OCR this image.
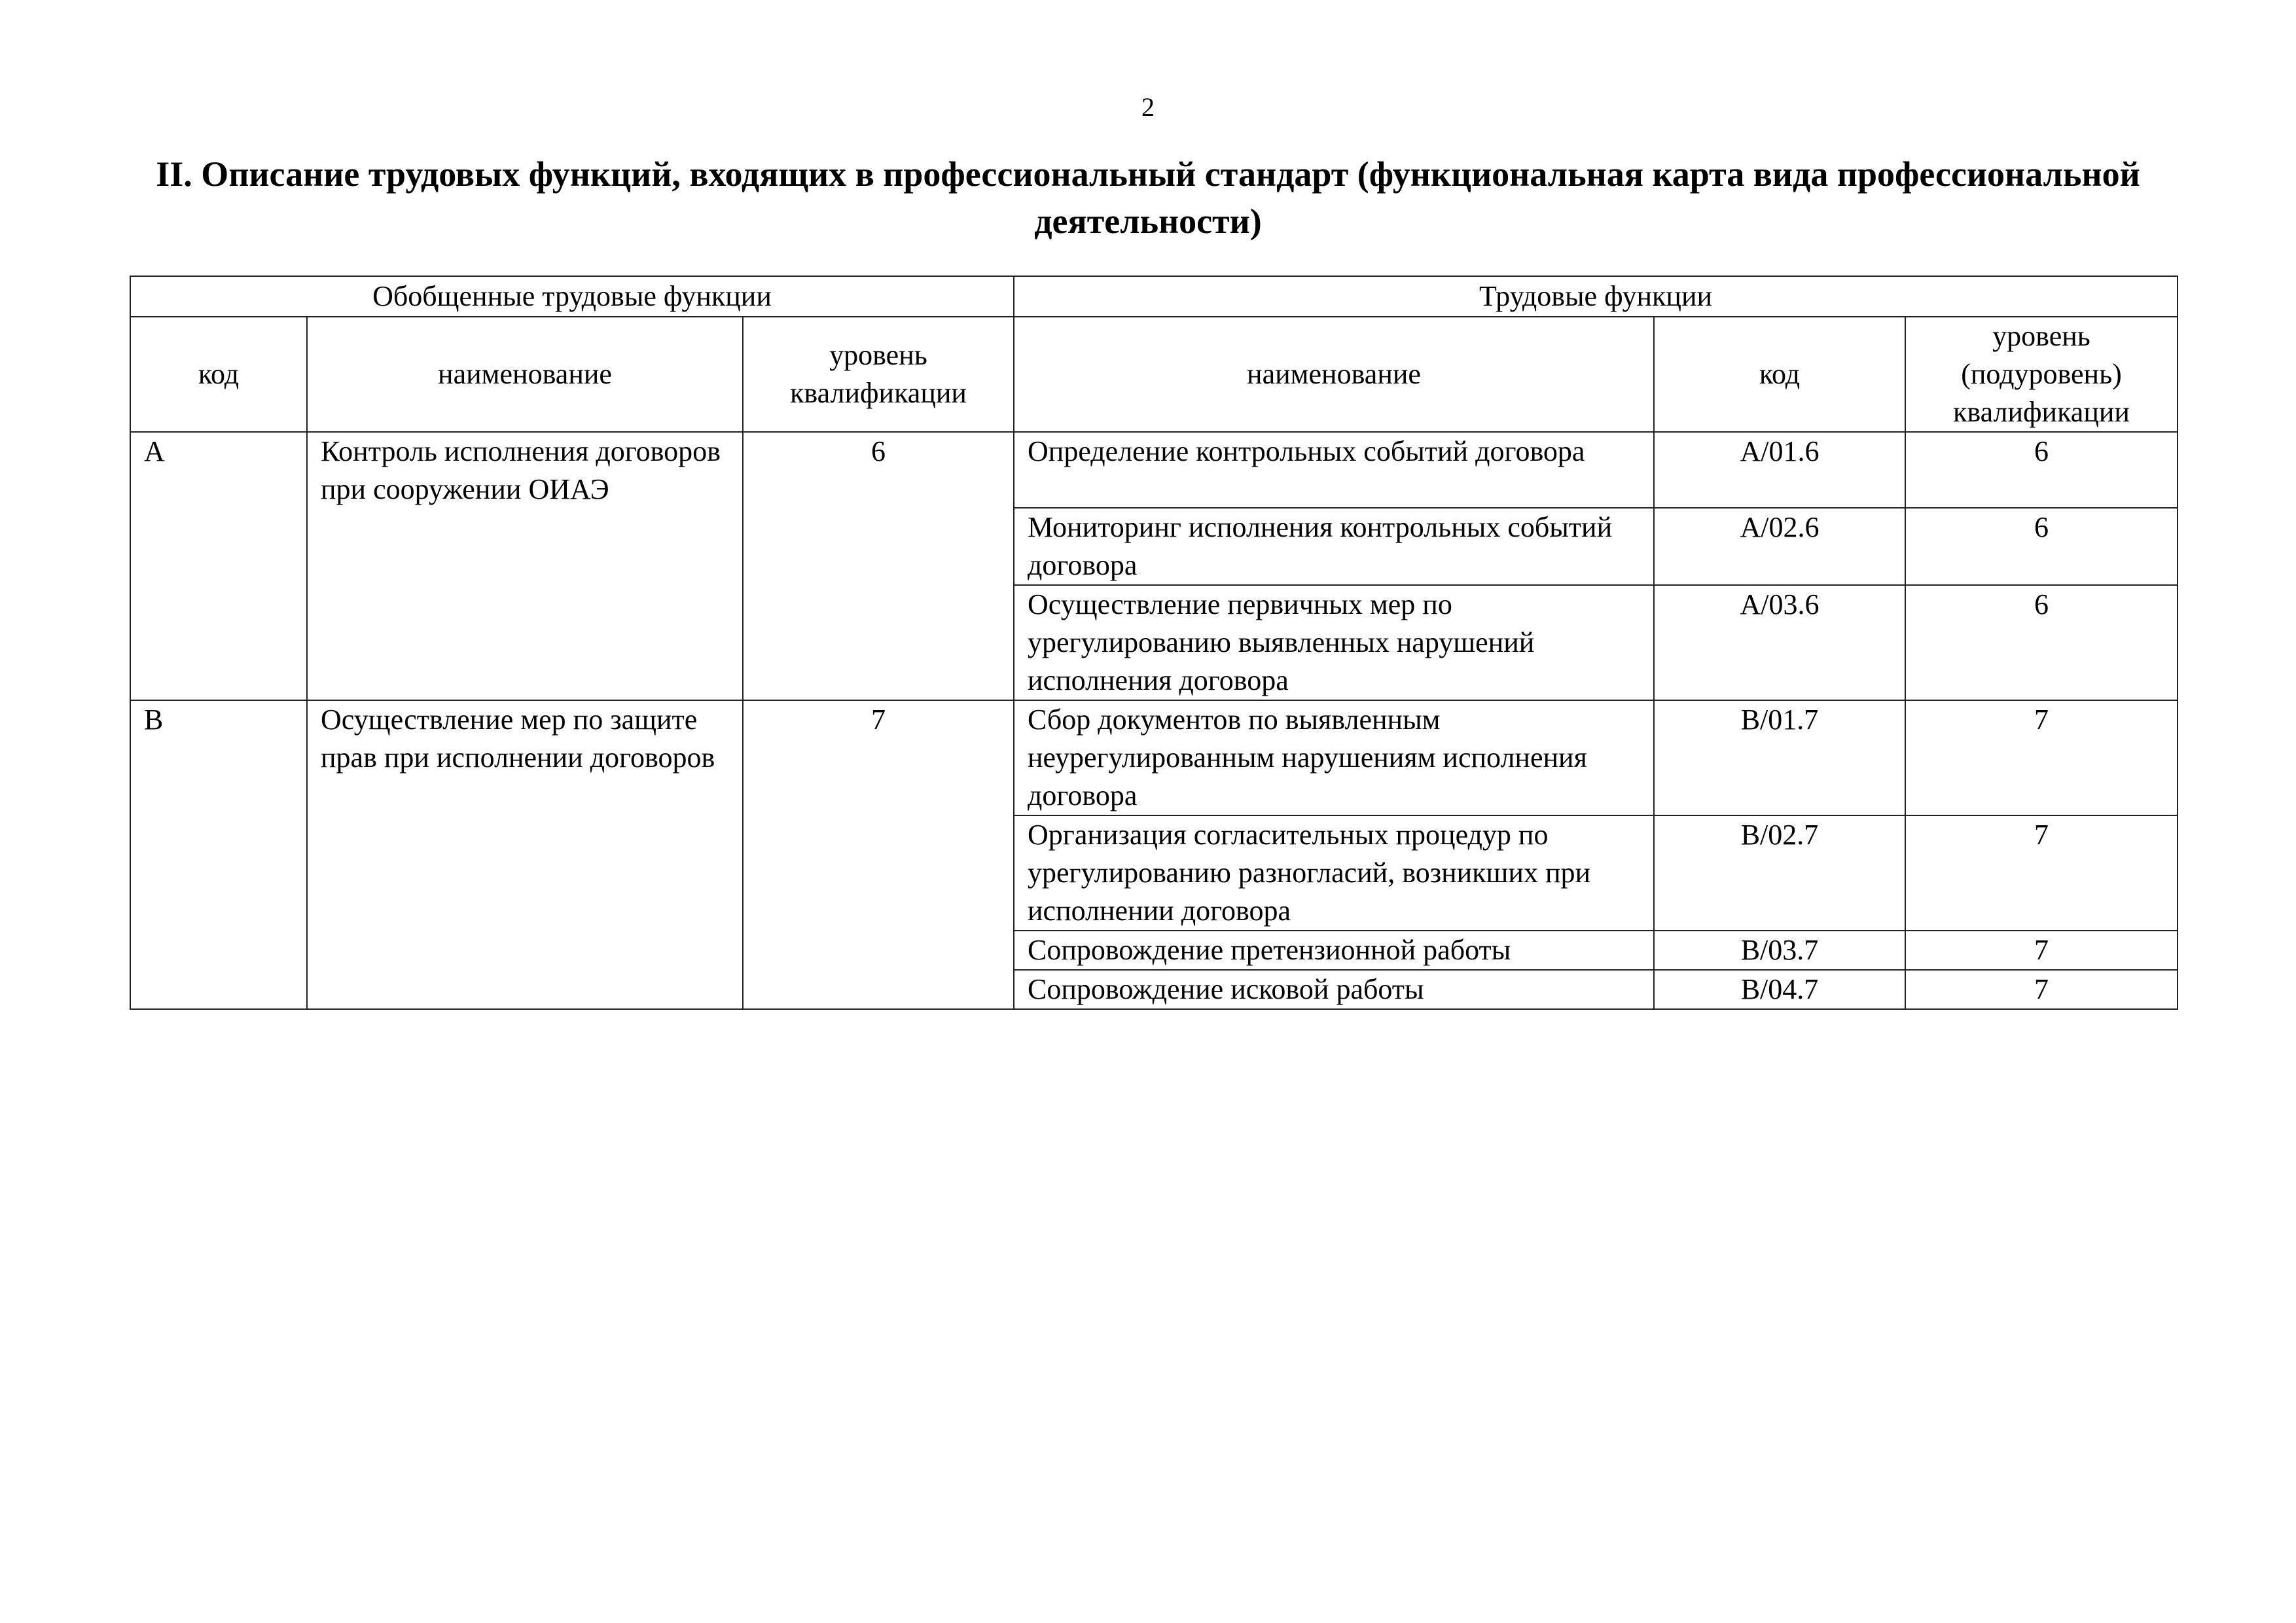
2
II. Описание трудовых функций, входящих в профессиональный стандарт (функциональная карта вида профессиональной деятельности)
Обобщенные трудовые функции			Трудовые функции		
код	наименование	уровень квалификации	наименование	код	уровень (подуровень) квалификации
A	Контроль исполнения договоров при сооружении ОИАЭ	6	Определение контрольных событий договора	A/01.6	6
			Мониторинг исполнения контрольных событий договора	A/02.6	6
			Осуществление первичных мер по урегулированию выявленных нарушений исполнения договора	A/03.6	6
B	Осуществление мер по защите прав при исполнении договоров	7	Сбор документов по выявленным неурегулированным нарушениям исполнения договора	B/01.7	7
			Организация согласительных процедур по урегулированию разногласий, возникших при исполнении договора	B/02.7	7
			Сопровождение претензионной работы	B/03.7	7
			Сопровождение исковой работы	B/04.7	7
